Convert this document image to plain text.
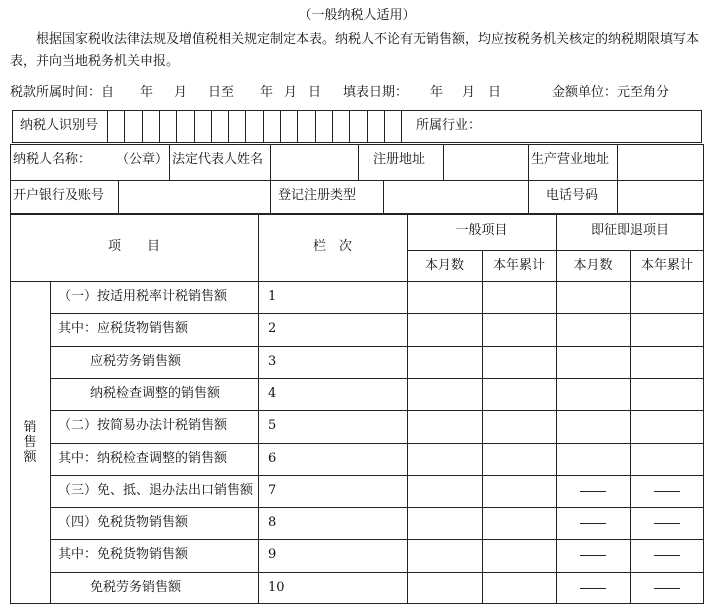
（一般纳税人适用）
根据国家税收法律法规及增值税相关规定制定本表。纳税人不论有无销售额，均应按税务机关核定的纳税期限填写本表，并向当地税务机关申报。
税款所属时间：自 年 月 日至 年 月 日 填表日期： 年 月 日	金额单位：元至角分
纳税人识别号	所属行业：
纳税人名称： （公章） 法定代表人姓名	注册地址	生产营业地址
开户银行及账号	登记注册类型	电话号码
项　　目	栏　次
一般项目	即征即退项目
本月数	本年累计	本月数	本年累计
销
售
额
（一）按适用税率计税销售额	1
其中：应税货物销售额	2
应税劳务销售额	3
纳税检查调整的销售额	4
（二）按简易办法计税销售额	5
其中：纳税检查调整的销售额	6
（三）免、抵、退办法出口销售额 7
（四）免税货物销售额	8
其中：免税货物销售额	9
免税劳务销售额	10
